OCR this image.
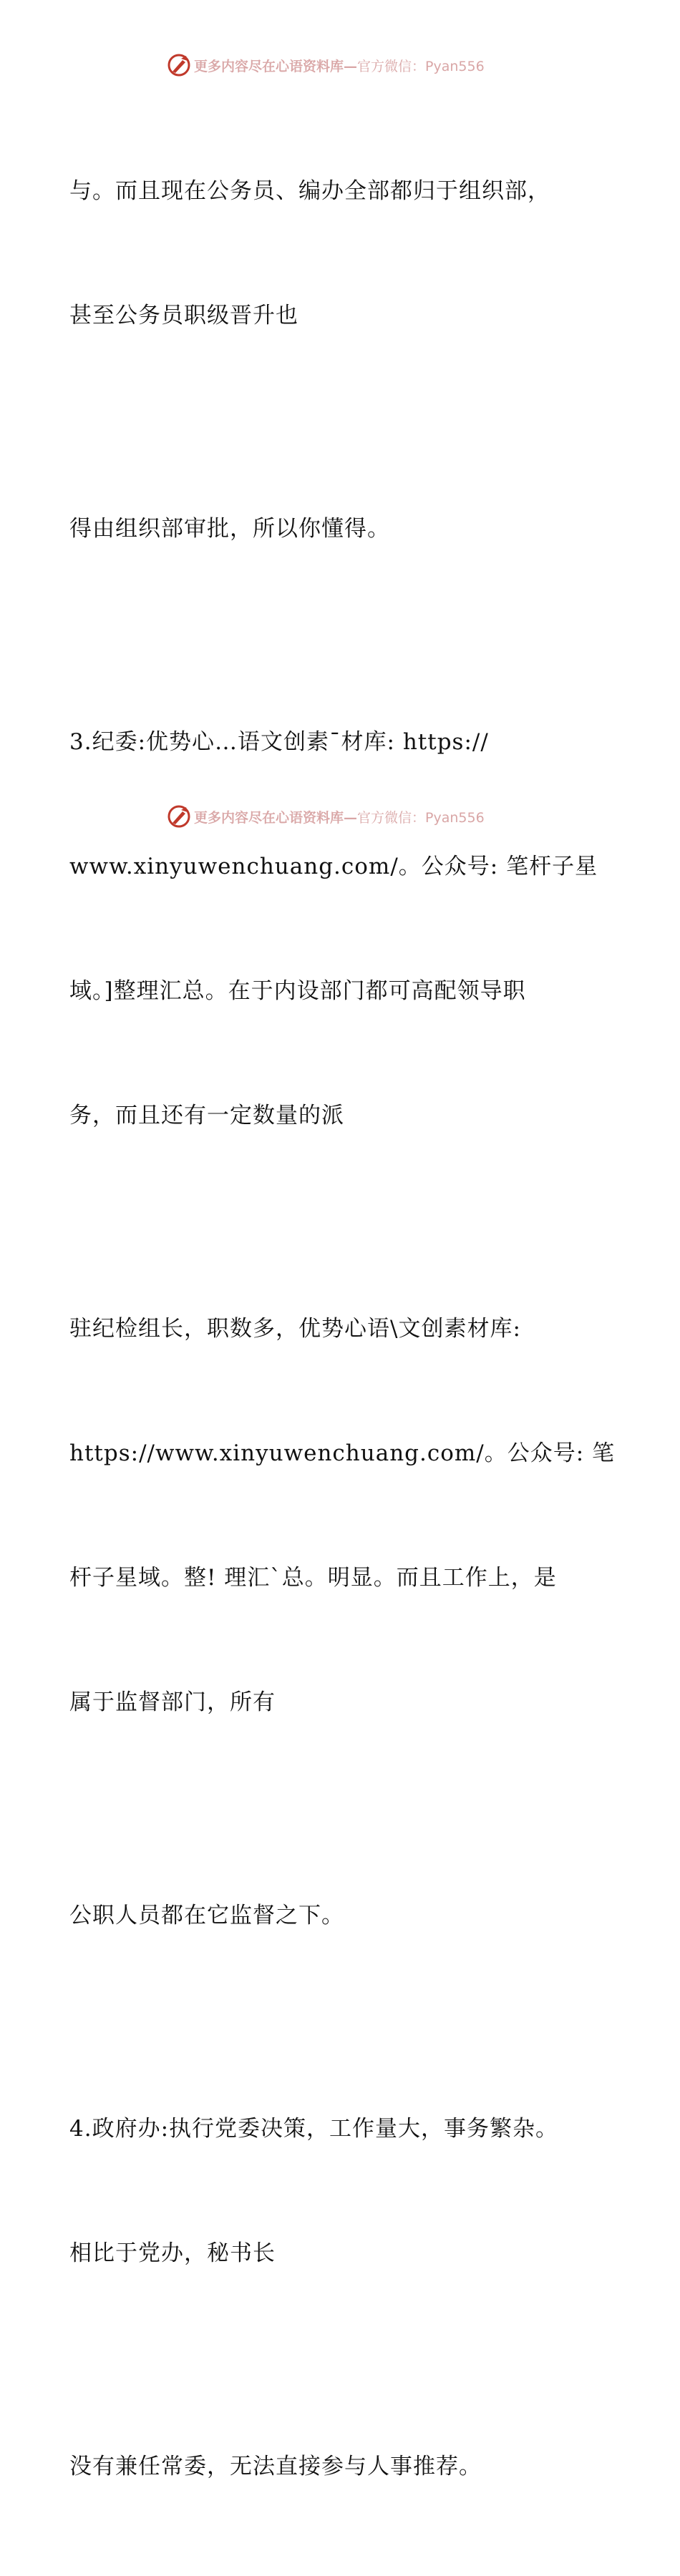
更多内容尽在心语资料库— 官方微信：Pyan556

与。而且现在公务员、编办全部都归于组织部，

甚至公务员职级晋升也

得由组织部审批，所以你懂得。

3.纪委:优势心…语文创素¯材库: https://

www.xinyuwenchuang.com/。公众号: 笔杆子星

域。]整理汇总。在于内设部门都可高配领导职

务，而且还有一定数量的派

驻纪检组长，职数多，优势心语\文创素材库:

https://www.xinyuwenchuang.com/。公众号: 笔

杆子星域。整! 理汇`总。明显。而且工作上，是

属于监督部门，所有

公职人员都在它监督之下。

4.政府办:执行党委决策，工作量大，事务繁杂。

相比于党办，秘书长

没有兼任常委，无法直接参与人事推荐。

更多内容尽在心语资料库— 官方微信：Pyan556
